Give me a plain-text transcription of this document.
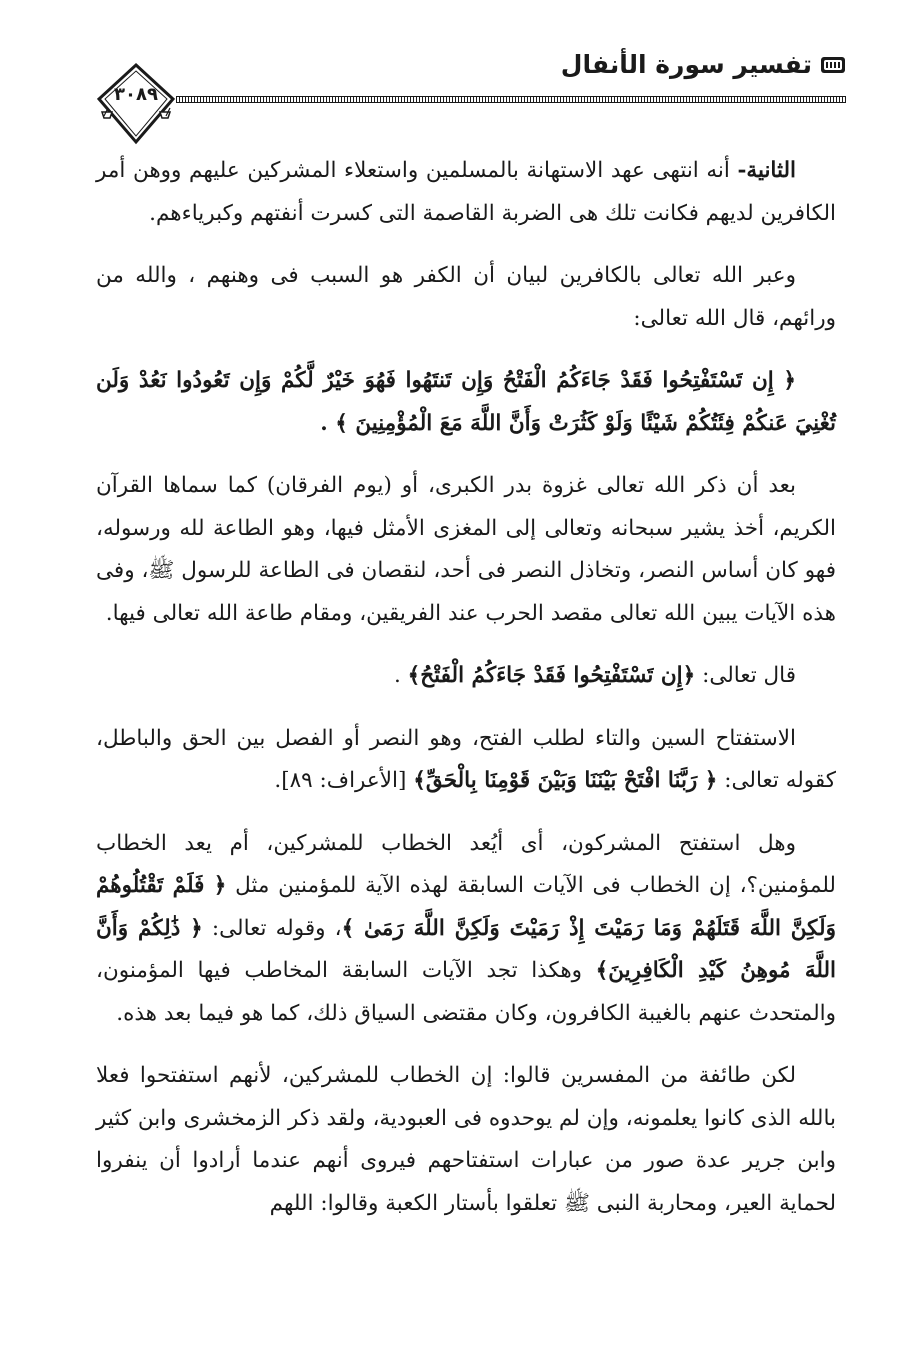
تفسير سورة الأنفال
٣٠٨٩

الثانية- أنه انتهى عهد الاستهانة بالمسلمين واستعلاء المشركين عليهم ووهن أمر الكافرين لديهم فكانت تلك هى الضربة القاصمة التى كسرت أنفتهم وكبرياءهم.

وعبر الله تعالى بالكافرين لبيان أن الكفر هو السبب فى وهنهم ، والله من ورائهم، قال الله تعالى:

﴿ إِن تَسْتَفْتِحُوا فَقَدْ جَاءَكُمُ الْفَتْحُ وَإِن تَنتَهُوا فَهُوَ خَيْرٌ لَّكُمْ وَإِن تَعُودُوا نَعُدْ وَلَن تُغْنِيَ عَنكُمْ فِئَتُكُمْ شَيْئًا وَلَوْ كَثُرَتْ وَأَنَّ اللَّهَ مَعَ الْمُؤْمِنِينَ ﴾ .

بعد أن ذكر الله تعالى غزوة بدر الكبرى، أو (يوم الفرقان) كما سماها القرآن الكريم، أخذ يشير سبحانه وتعالى إلى المغزى الأمثل فيها، وهو الطاعة لله ورسوله، فهو كان أساس النصر، وتخاذل النصر فى أحد، لنقصان فى الطاعة للرسول ﷺ، وفى هذه الآيات يبين الله تعالى مقصد الحرب عند الفريقين، ومقام طاعة الله تعالى فيها.

قال تعالى: ﴿إِن تَسْتَفْتِحُوا فَقَدْ جَاءَكُمُ الْفَتْحُ﴾ .

الاستفتاح السين والتاء لطلب الفتح، وهو النصر أو الفصل بين الحق والباطل، كقوله تعالى: ﴿ رَبَّنَا افْتَحْ بَيْنَنَا وَبَيْنَ قَوْمِنَا بِالْحَقِّ﴾ [الأعراف: ٨٩].

وهل استفتح المشركون، أى أيُعد الخطاب للمشركين، أم يعد الخطاب للمؤمنين؟، إن الخطاب فى الآيات السابقة لهذه الآية للمؤمنين مثل ﴿ فَلَمْ تَقْتُلُوهُمْ وَلَكِنَّ اللَّهَ قَتَلَهُمْ وَمَا رَمَيْتَ إِذْ رَمَيْتَ وَلَكِنَّ اللَّهَ رَمَىٰ ﴾، وقوله تعالى: ﴿ ذَٰلِكُمْ وَأَنَّ اللَّهَ مُوهِنُ كَيْدِ الْكَافِرِينَ﴾ وهكذا تجد الآيات السابقة المخاطب فيها المؤمنون، والمتحدث عنهم بالغيبة الكافرون، وكان مقتضى السياق ذلك، كما هو فيما بعد هذه.

لكن طائفة من المفسرين قالوا: إن الخطاب للمشركين، لأنهم استفتحوا فعلا بالله الذى كانوا يعلمونه، وإن لم يوحدوه فى العبودية، ولقد ذكر الزمخشرى وابن كثير وابن جرير عدة صور من عبارات استفتاحهم فيروى أنهم عندما أرادوا أن ينفروا لحماية العير، ومحاربة النبى ﷺ تعلقوا بأستار الكعبة وقالوا: اللهم
